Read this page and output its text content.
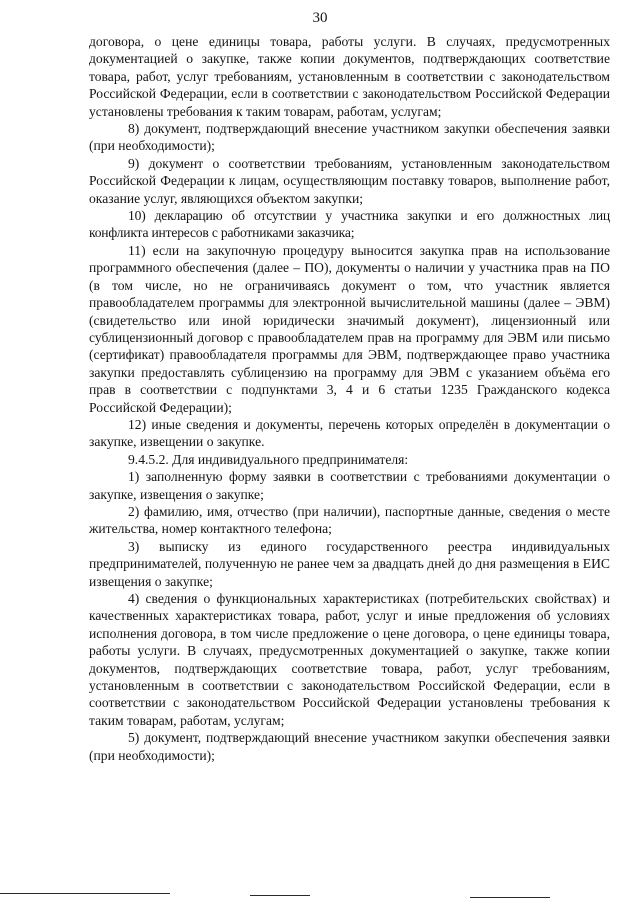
30

договора, о цене единицы товара, работы услуги. В случаях, предусмотренных документацией о закупке, также копии документов, подтверждающих соответствие товара, работ, услуг требованиям, установленным в соответствии с законодательством Российской Федерации, если в соответствии с законодательством Российской Федерации установлены требования к таким товарам, работам, услугам;

8) документ, подтверждающий внесение участником закупки обеспечения заявки (при необходимости);

9) документ о соответствии требованиям, установленным законодательством Российской Федерации к лицам, осуществляющим поставку товаров, выполнение работ, оказание услуг, являющихся объектом закупки;

10) декларацию об отсутствии у участника закупки и его должностных лиц конфликта интересов с работниками заказчика;

11) если на закупочную процедуру выносится закупка прав на использование программного обеспечения (далее – ПО), документы о наличии у участника прав на ПО (в том числе, но не ограничиваясь документ о том, что участник является правообладателем программы для электронной вычислительной машины (далее – ЭВМ) (свидетельство или иной юридически значимый документ), лицензионный или сублицензионный договор с правообладателем прав на программу для ЭВМ или письмо (сертификат) правообладателя программы для ЭВМ, подтверждающее право участника закупки предоставлять сублицензию на программу для ЭВМ с указанием объёма его прав в соответствии с подпунктами 3, 4 и 6 статьи 1235 Гражданского кодекса Российской Федерации);

12) иные сведения и документы, перечень которых определён в документации о закупке, извещении о закупке.

9.4.5.2. Для индивидуального предпринимателя:

1) заполненную форму заявки в соответствии с требованиями документации о закупке, извещения о закупке;

2) фамилию, имя, отчество (при наличии), паспортные данные, сведения о месте жительства, номер контактного телефона;

3) выписку из единого государственного реестра индивидуальных предпринимателей, полученную не ранее чем за двадцать дней до дня размещения в ЕИС извещения о закупке;

4) сведения о функциональных характеристиках (потребительских свойствах) и качественных характеристиках товара, работ, услуг и иные предложения об условиях исполнения договора, в том числе предложение о цене договора, о цене единицы товара, работы услуги. В случаях, предусмотренных документацией о закупке, также копии документов, подтверждающих соответствие товара, работ, услуг требованиям, установленным в соответствии с законодательством Российской Федерации, если в соответствии с законодательством Российской Федерации установлены требования к таким товарам, работам, услугам;

5) документ, подтверждающий внесение участником закупки обеспечения заявки (при необходимости);
